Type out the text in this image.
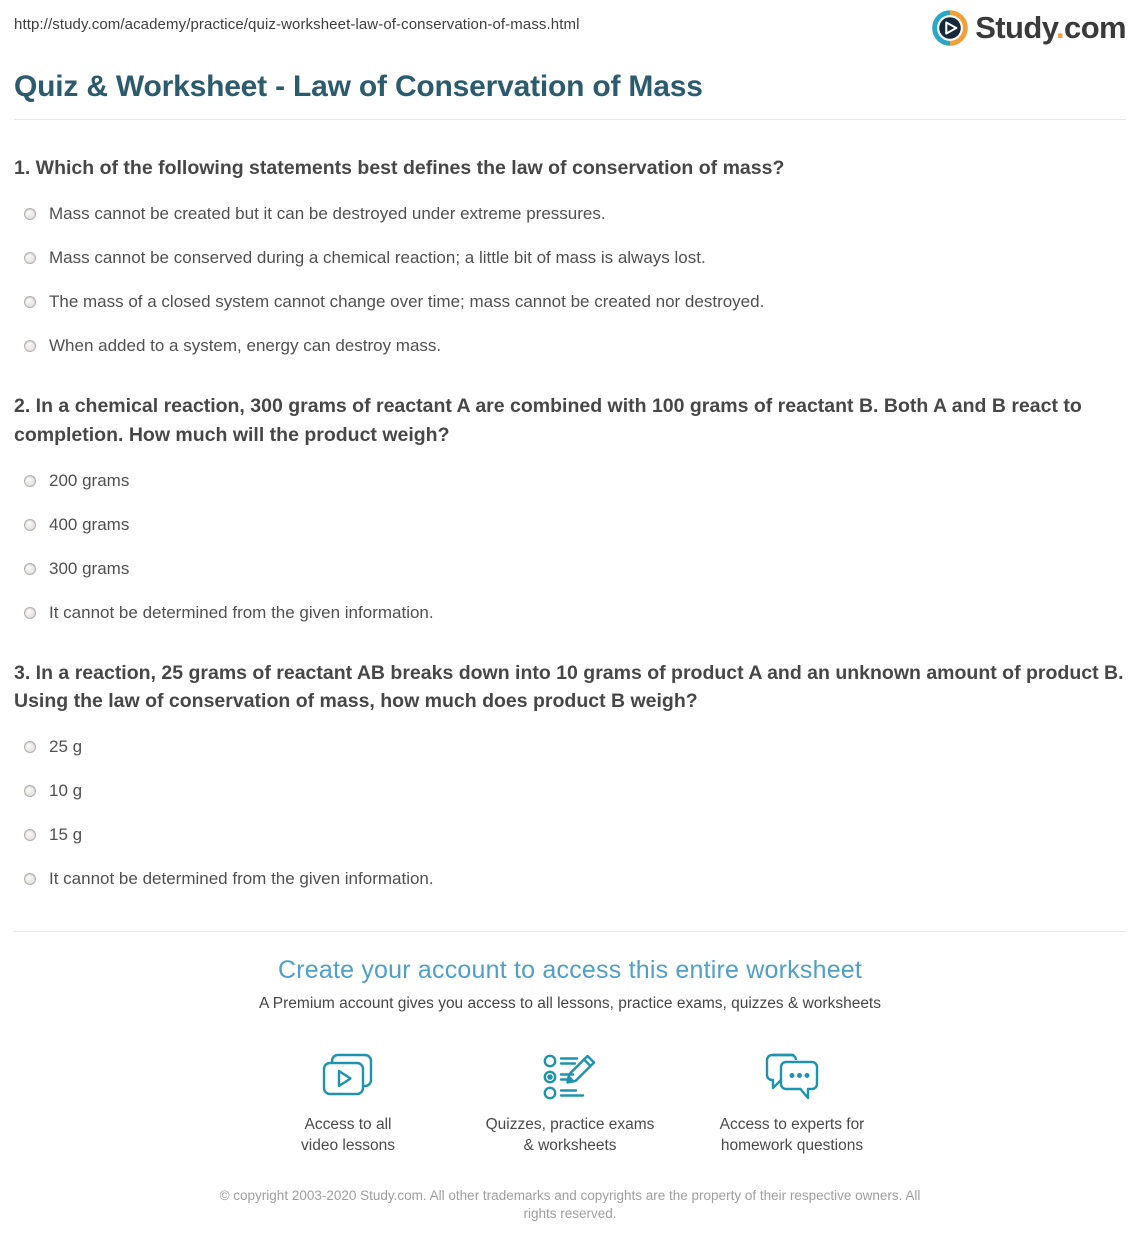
http://study.com/academy/practice/quiz-worksheet-law-of-conservation-of-mass.html	Study.com
Quiz & Worksheet - Law of Conservation of Mass
1. Which of the following statements best defines the law of conservation of mass?
Mass cannot be created but it can be destroyed under extreme pressures.
Mass cannot be conserved during a chemical reaction; a little bit of mass is always lost.
The mass of a closed system cannot change over time; mass cannot be created nor destroyed.
When added to a system, energy can destroy mass.
2. In a chemical reaction, 300 grams of reactant A are combined with 100 grams of reactant B. Both A and B react to completion. How much will the product weigh?
200 grams
400 grams
300 grams
It cannot be determined from the given information.
3. In a reaction, 25 grams of reactant AB breaks down into 10 grams of product A and an unknown amount of product B. Using the law of conservation of mass, how much does product B weigh?
25 g
10 g
15 g
It cannot be determined from the given information.
Create your account to access this entire worksheet
A Premium account gives you access to all lessons, practice exams, quizzes & worksheets
Access to all
video lessons
Quizzes, practice exams
& worksheets
Access to experts for
homework questions
© copyright 2003-2020 Study.com. All other trademarks and copyrights are the property of their respective owners. All rights reserved.
